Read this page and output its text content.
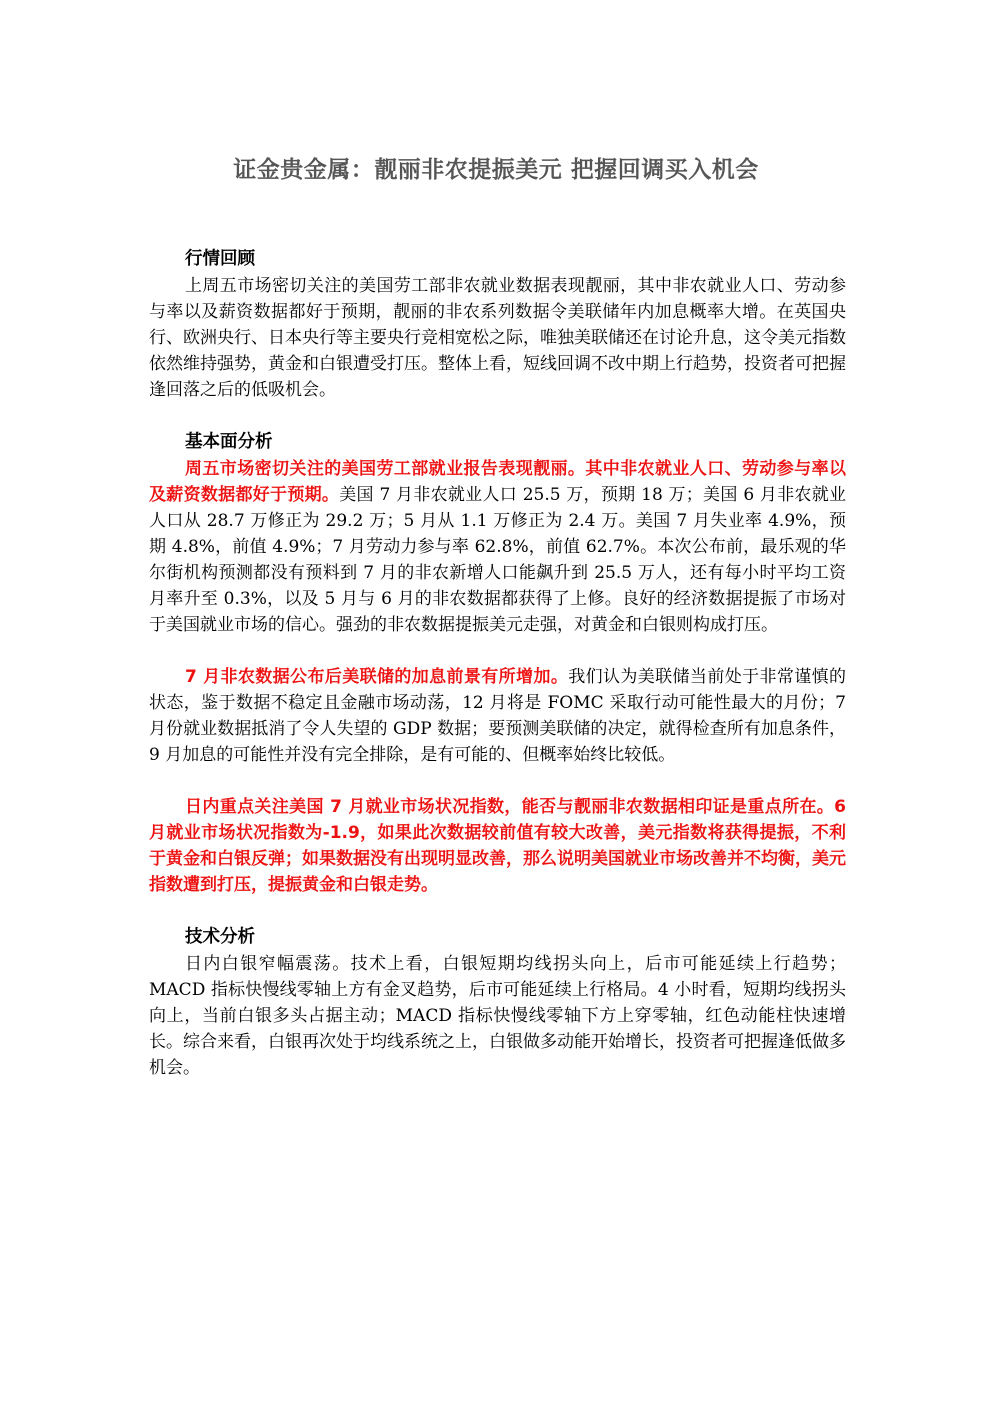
证金贵金属：靓丽非农提振美元 把握回调买入机会
行情回顾

上周五市场密切关注的美国劳工部非农就业数据表现靓丽，其中非农就业人口、劳动参与率以及薪资数据都好于预期，靓丽的非农系列数据令美联储年内加息概率大增。在英国央行、欧洲央行、日本央行等主要央行竞相宽松之际，唯独美联储还在讨论升息，这令美元指数依然维持强势，黄金和白银遭受打压。整体上看，短线回调不改中期上行趋势，投资者可把握逢回落之后的低吸机会。

基本面分析

周五市场密切关注的美国劳工部就业报告表现靓丽。其中非农就业人口、劳动参与率以及薪资数据都好于预期。美国 7 月非农就业人口 25.5 万，预期 18 万；美国 6 月非农就业人口从 28.7 万修正为 29.2 万；5 月从 1.1 万修正为 2.4 万。美国 7 月失业率 4.9%，预期 4.8%，前值 4.9%；7 月劳动力参与率 62.8%，前值 62.7%。本次公布前，最乐观的华尔街机构预测都没有预料到 7 月的非农新增人口能飙升到 25.5 万人，还有每小时平均工资月率升至 0.3%，以及 5 月与 6 月的非农数据都获得了上修。良好的经济数据提振了市场对于美国就业市场的信心。强劲的非农数据提振美元走强，对黄金和白银则构成打压。

7 月非农数据公布后美联储的加息前景有所增加。我们认为美联储当前处于非常谨慎的状态，鉴于数据不稳定且金融市场动荡，12 月将是 FOMC 采取行动可能性最大的月份；7 月份就业数据抵消了令人失望的 GDP 数据；要预测美联储的决定，就得检查所有加息条件，9 月加息的可能性并没有完全排除，是有可能的、但概率始终比较低。

日内重点关注美国 7 月就业市场状况指数，能否与靓丽非农数据相印证是重点所在。6 月就业市场状况指数为-1.9，如果此次数据较前值有较大改善，美元指数将获得提振，不利于黄金和白银反弹；如果数据没有出现明显改善，那么说明美国就业市场改善并不均衡，美元指数遭到打压，提振黄金和白银走势。

技术分析

日内白银窄幅震荡。技术上看，白银短期均线拐头向上，后市可能延续上行趋势；MACD 指标快慢线零轴上方有金叉趋势，后市可能延续上行格局。4 小时看，短期均线拐头向上，当前白银多头占据主动；MACD 指标快慢线零轴下方上穿零轴，红色动能柱快速增长。综合来看，白银再次处于均线系统之上，白银做多动能开始增长，投资者可把握逢低做多机会。
